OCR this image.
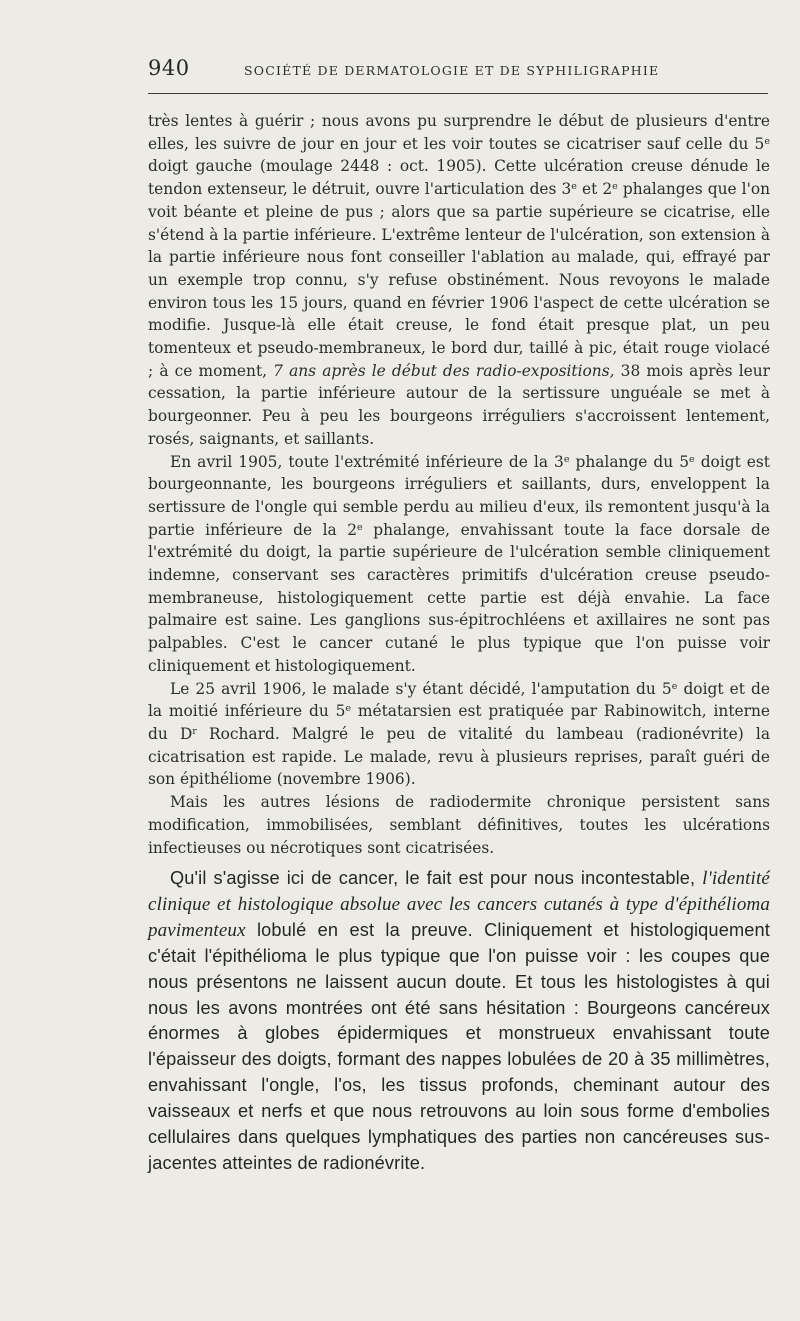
940	SOCIÉTÉ DE DERMATOLOGIE ET DE SYPHILIGRAPHIE

très lentes à guérir ; nous avons pu surprendre le début de plusieurs d'entre elles, les suivre de jour en jour et les voir toutes se cicatriser sauf celle du 5e doigt gauche (moulage 2448 : oct. 1905). Cette ulcération creuse dénude le tendon extenseur, le détruit, ouvre l'articulation des 3e et 2e phalanges que l'on voit béante et pleine de pus ; alors que sa partie supérieure se cicatrise, elle s'étend à la partie inférieure. L'extrême lenteur de l'ulcération, son extension à la partie inférieure nous font conseiller l'ablation au malade, qui, effrayé par un exemple trop connu, s'y refuse obstinément. Nous revoyons le malade environ tous les 15 jours, quand en février 1906 l'aspect de cette ulcération se modifie. Jusque-là elle était creuse, le fond était presque plat, un peu tomenteux et pseudo-membraneux, le bord dur, taillé à pic, était rouge violacé ; à ce moment, 7 ans après le début des radio-expositions, 38 mois après leur cessation, la partie inférieure autour de la sertissure unguéale se met à bourgeonner. Peu à peu les bourgeons irréguliers s'accroissent lentement, rosés, saignants, et saillants.

En avril 1905, toute l'extrémité inférieure de la 3e phalange du 5e doigt est bourgeonnante, les bourgeons irréguliers et saillants, durs, enveloppent la sertissure de l'ongle qui semble perdu au milieu d'eux, ils remontent jusqu'à la partie inférieure de la 2e phalange, envahissant toute la face dorsale de l'extrémité du doigt, la partie supérieure de l'ulcération semble cliniquement indemne, conservant ses caractères primitifs d'ulcération creuse pseudo-membraneuse, histologiquement cette partie est déjà envahie. La face palmaire est saine. Les ganglions sus-épitrochléens et axillaires ne sont pas palpables. C'est le cancer cutané le plus typique que l'on puisse voir cliniquement et histologiquement.

Le 25 avril 1906, le malade s'y étant décidé, l'amputation du 5e doigt et de la moitié inférieure du 5e métatarsien est pratiquée par Rabinowitch, interne du $D^r$ Rochard. Malgré le peu de vitalité du lambeau (radionévrite) la cicatrisation est rapide. Le malade, revu à plusieurs reprises, paraît guéri de son épithéliome (novembre 1906).

Mais les autres lésions de radiodermite chronique persistent sans modification, immobilisées, semblant définitives, toutes les ulcérations infectieuses ou nécrotiques sont cicatrisées.

Qu'il s'agisse ici de cancer, le fait est pour nous incontestable, l'identité clinique et histologique absolue avec les cancers cutanés à type d'épithélioma pavimenteux lobulé en est la preuve. Cliniquement et histologiquement c'était l'épithélioma le plus typique que l'on puisse voir : les coupes que nous présentons ne laissent aucun doute. Et tous les histologistes à qui nous les avons montrées ont été sans hésitation : Bourgeons cancéreux énormes à globes épidermiques et monstrueux envahissant toute l'épaisseur des doigts, formant des nappes lobulées de 20 à 35 millimètres, envahissant l'ongle, l'os, les tissus profonds, cheminant autour des vaisseaux et nerfs et que nous retrouvons au loin sous forme d'embolies cellulaires dans quelques lymphatiques des parties non cancéreuses sus-jacentes atteintes de radionévrite.
